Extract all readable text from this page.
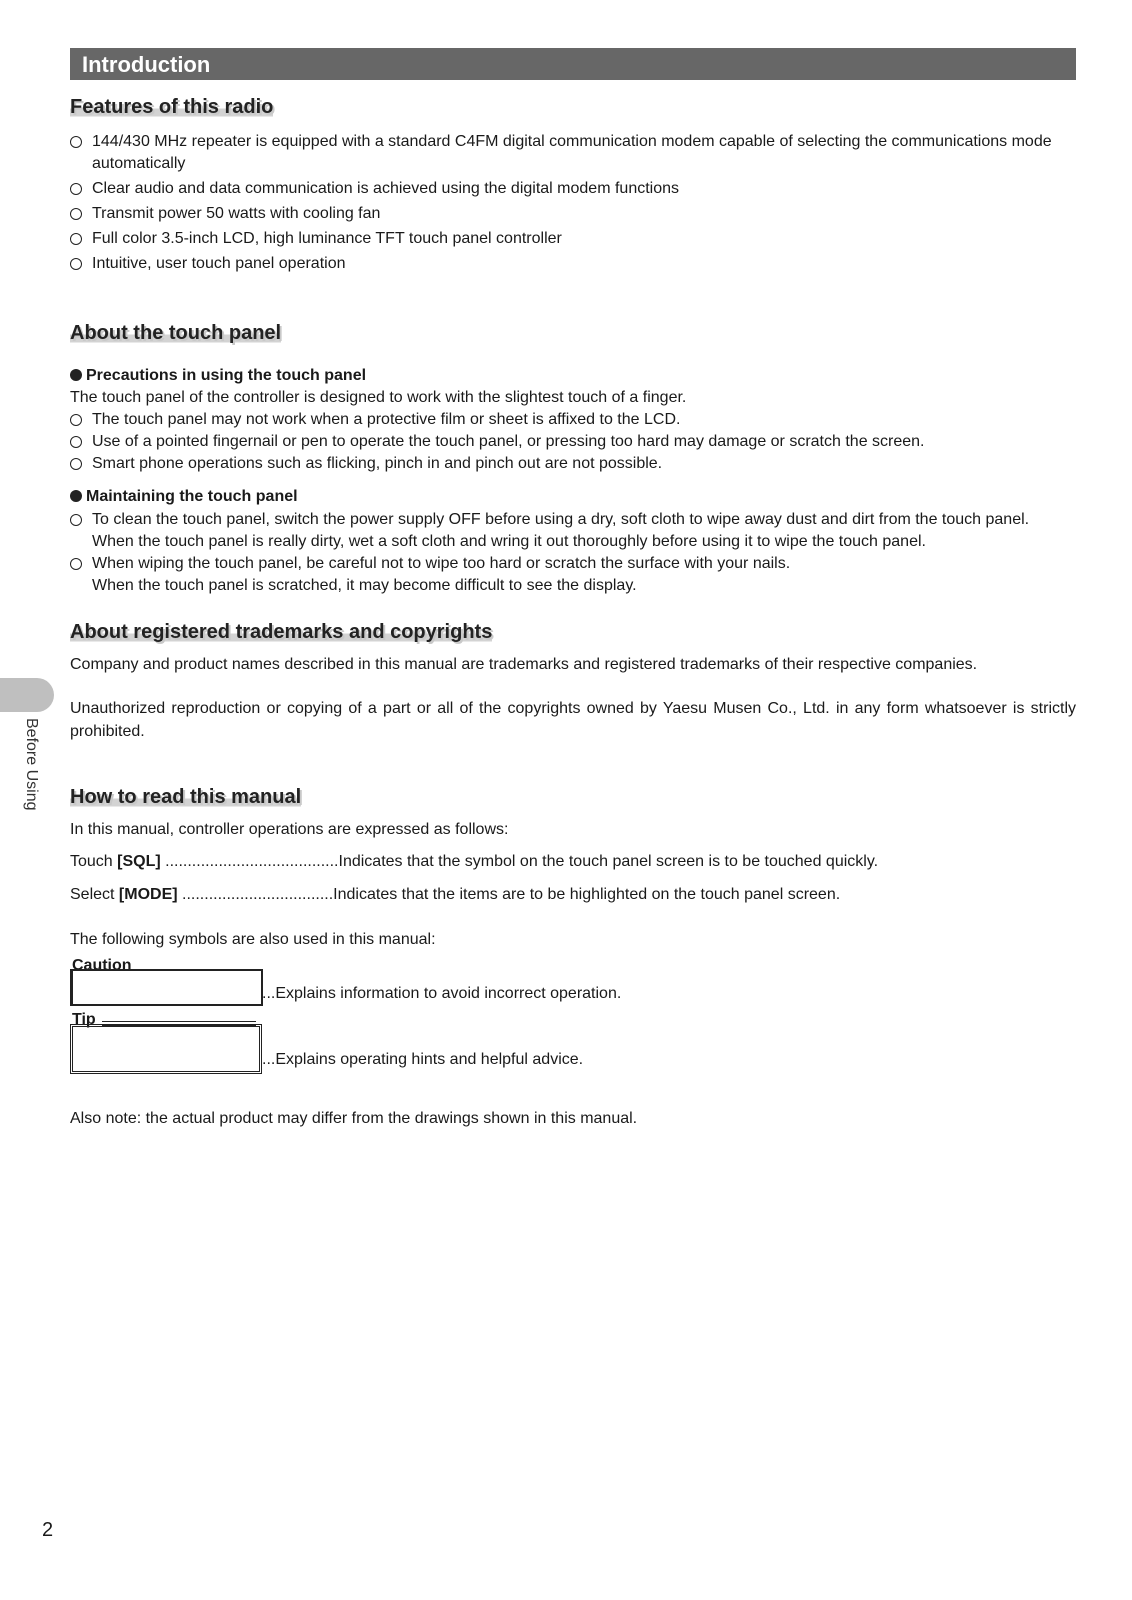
Before Using
Introduction
Features of this radio
144/430 MHz repeater is equipped with a standard C4FM digital communication modem capable of selecting the communications mode automatically
Clear audio and data communication is achieved using the digital modem functions
Transmit power 50 watts with cooling fan
Full color 3.5-inch LCD, high luminance TFT touch panel controller
Intuitive, user touch panel operation
About the touch panel
Precautions in using the touch panel
The touch panel of the controller is designed to work with the slightest touch of a finger.
The touch panel may not work when a protective film or sheet is affixed to the LCD.
Use of a pointed fingernail or pen to operate the touch panel, or pressing too hard may damage or scratch the screen.
Smart phone operations such as flicking, pinch in and pinch out are not possible.
Maintaining the touch panel
To clean the touch panel, switch the power supply OFF before using a dry, soft cloth to wipe away dust and dirt from the touch panel.
When the touch panel is really dirty, wet a soft cloth and wring it out thoroughly before using it to wipe the touch panel.
When wiping the touch panel, be careful not to wipe too hard or scratch the surface with your nails.
When the touch panel is scratched, it may become difficult to see the display.
About registered trademarks and copyrights
Company and product names described in this manual are trademarks and registered trademarks of their respective companies.
Unauthorized reproduction or copying of a part or all of the copyrights owned by Yaesu Musen Co., Ltd. in any form whatsoever is strictly prohibited.
How to read this manual
In this manual, controller operations are expressed as follows:
Touch [SQL] .......................................Indicates that the symbol on the touch panel screen is to be touched quickly.
Select [MODE] ..................................Indicates that the items are to be highlighted on the touch panel screen.
The following symbols are also used in this manual:
Caution
...Explains information to avoid incorrect operation.
Tip
...Explains operating hints and helpful advice.
Also note: the actual product may differ from the drawings shown in this manual.
2
